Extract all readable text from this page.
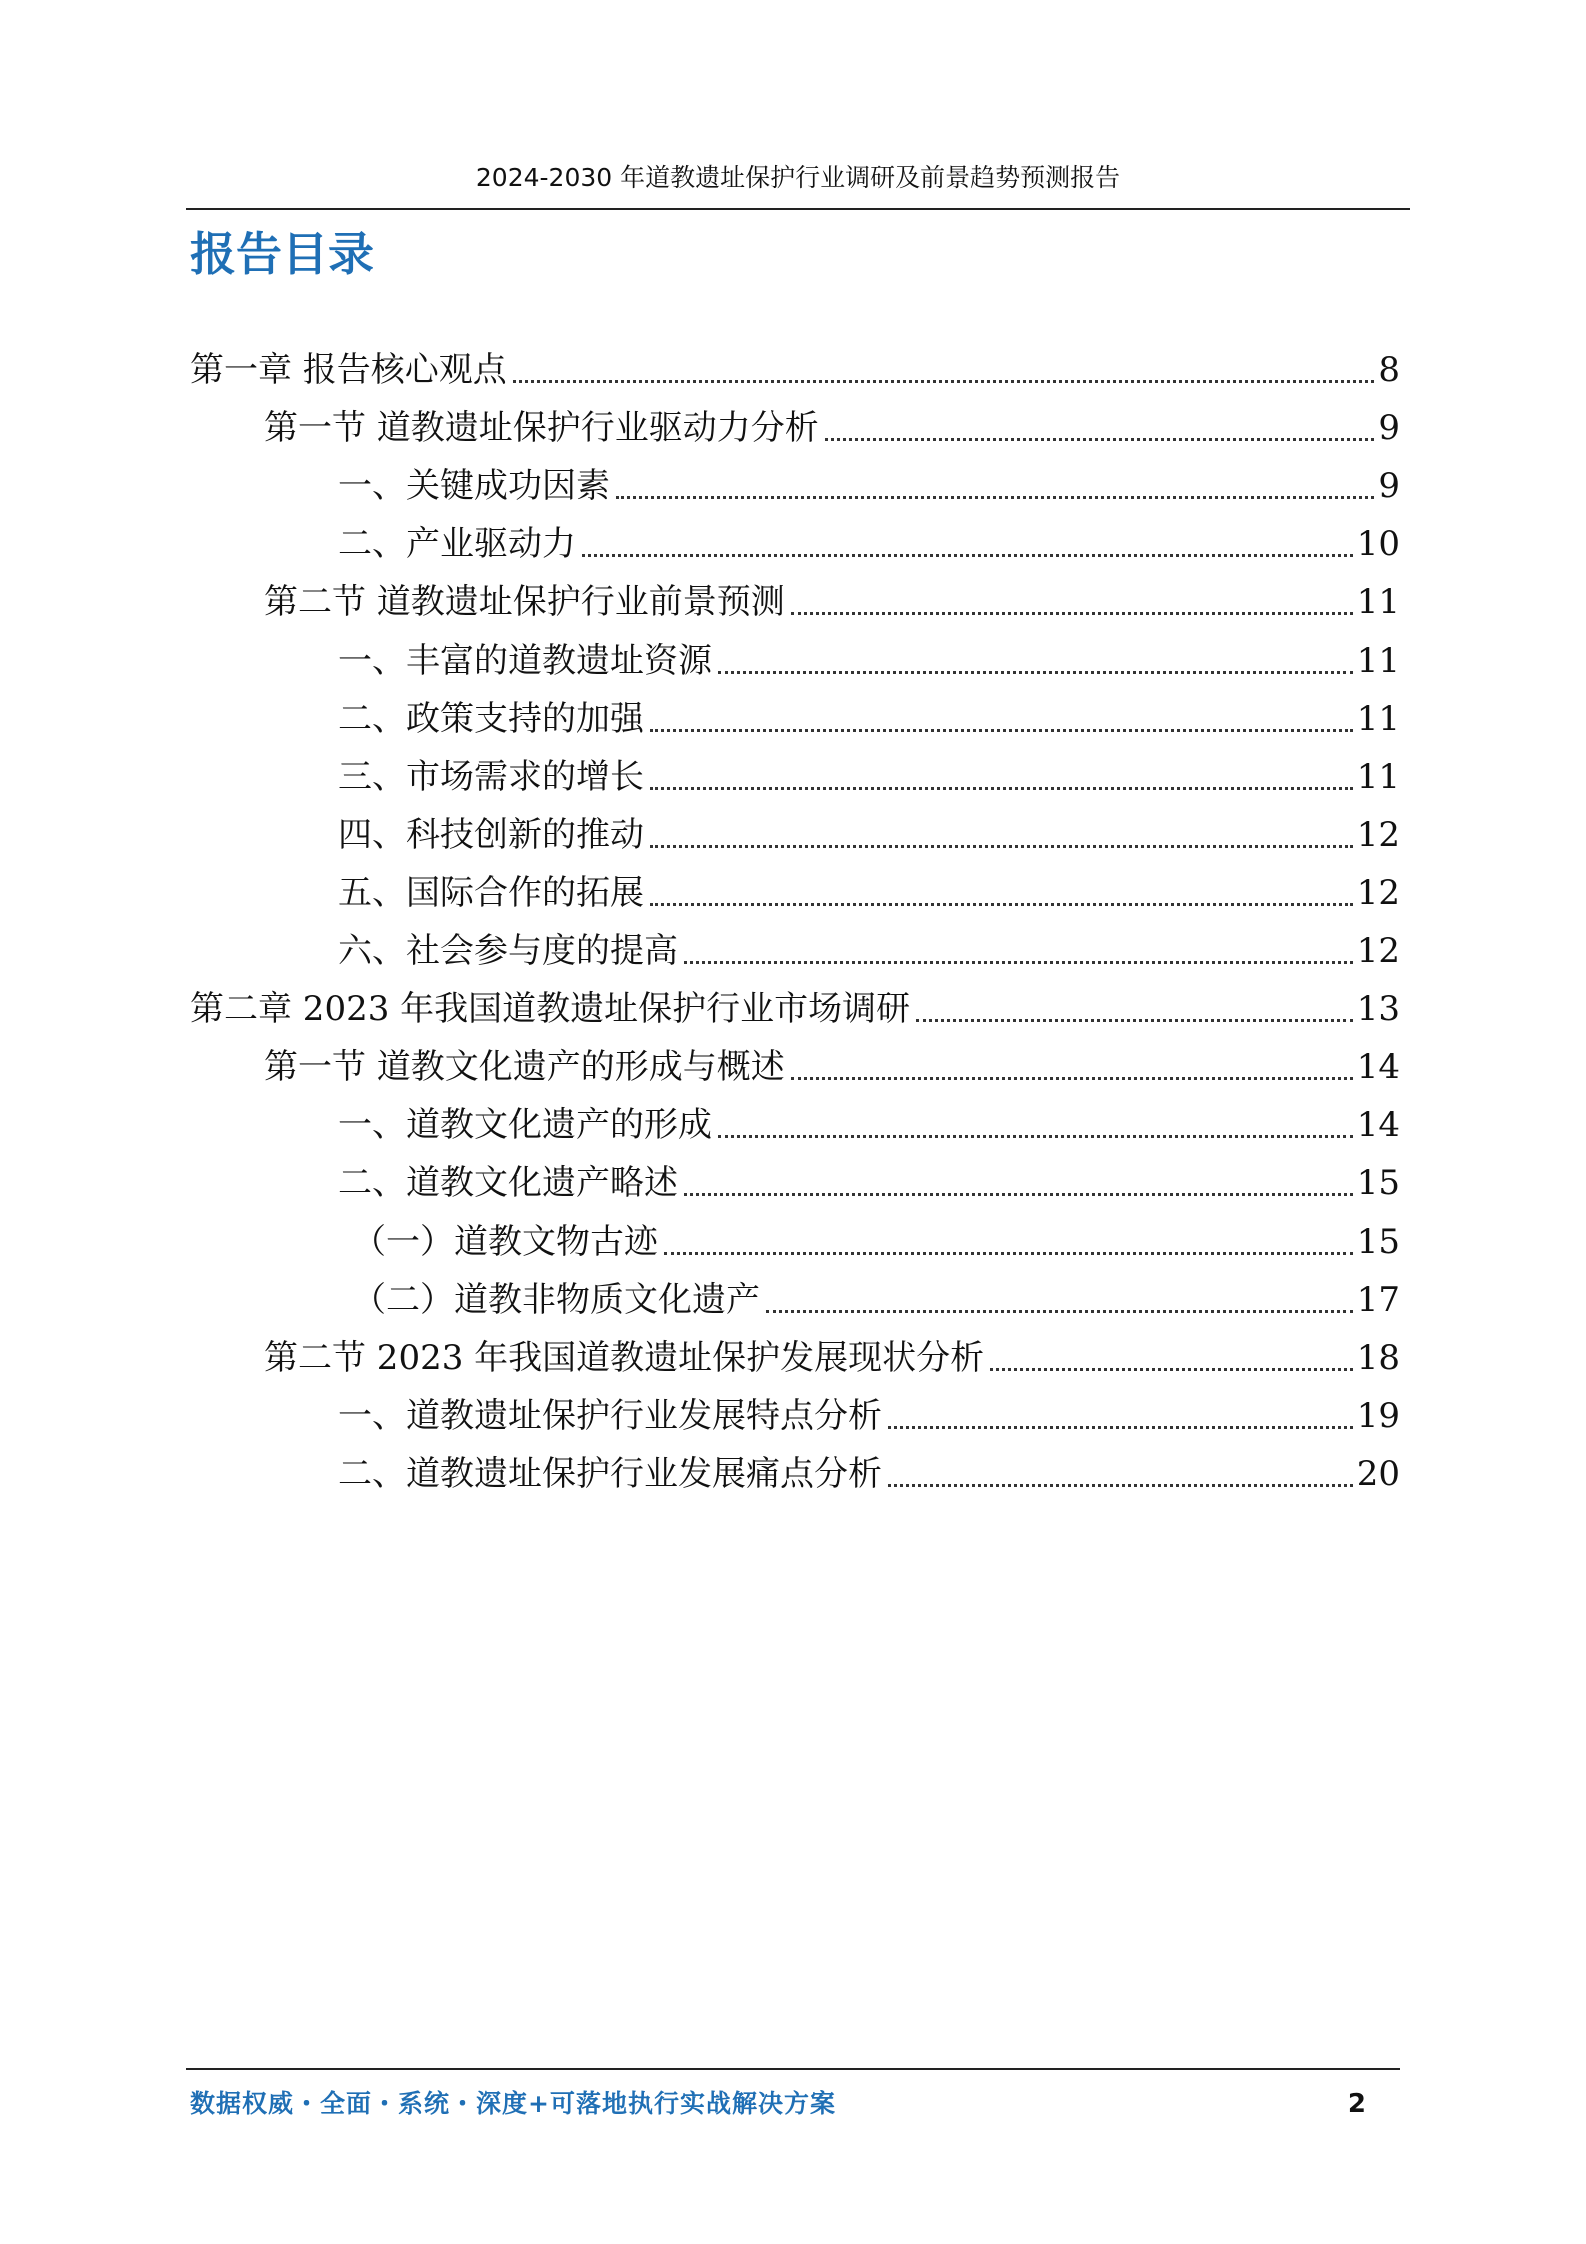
2024-2030 年道教遗址保护行业调研及前景趋势预测报告
报告目录
第一章 报告核心观点	8
第一节 道教遗址保护行业驱动力分析	9
一、关键成功因素	9
二、产业驱动力	10
第二节 道教遗址保护行业前景预测	11
一、丰富的道教遗址资源	11
二、政策支持的加强	11
三、市场需求的增长	11
四、科技创新的推动	12
五、国际合作的拓展	12
六、社会参与度的提高	12
第二章 2023 年我国道教遗址保护行业市场调研	13
第一节 道教文化遗产的形成与概述	14
一、道教文化遗产的形成	14
二、道教文化遗产略述	15
（一）道教文物古迹	15
（二）道教非物质文化遗产	17
第二节 2023 年我国道教遗址保护发展现状分析	18
一、道教遗址保护行业发展特点分析	19
二、道教遗址保护行业发展痛点分析	20
数据权威・全面・系统・深度+可落地执行实战解决方案	2
